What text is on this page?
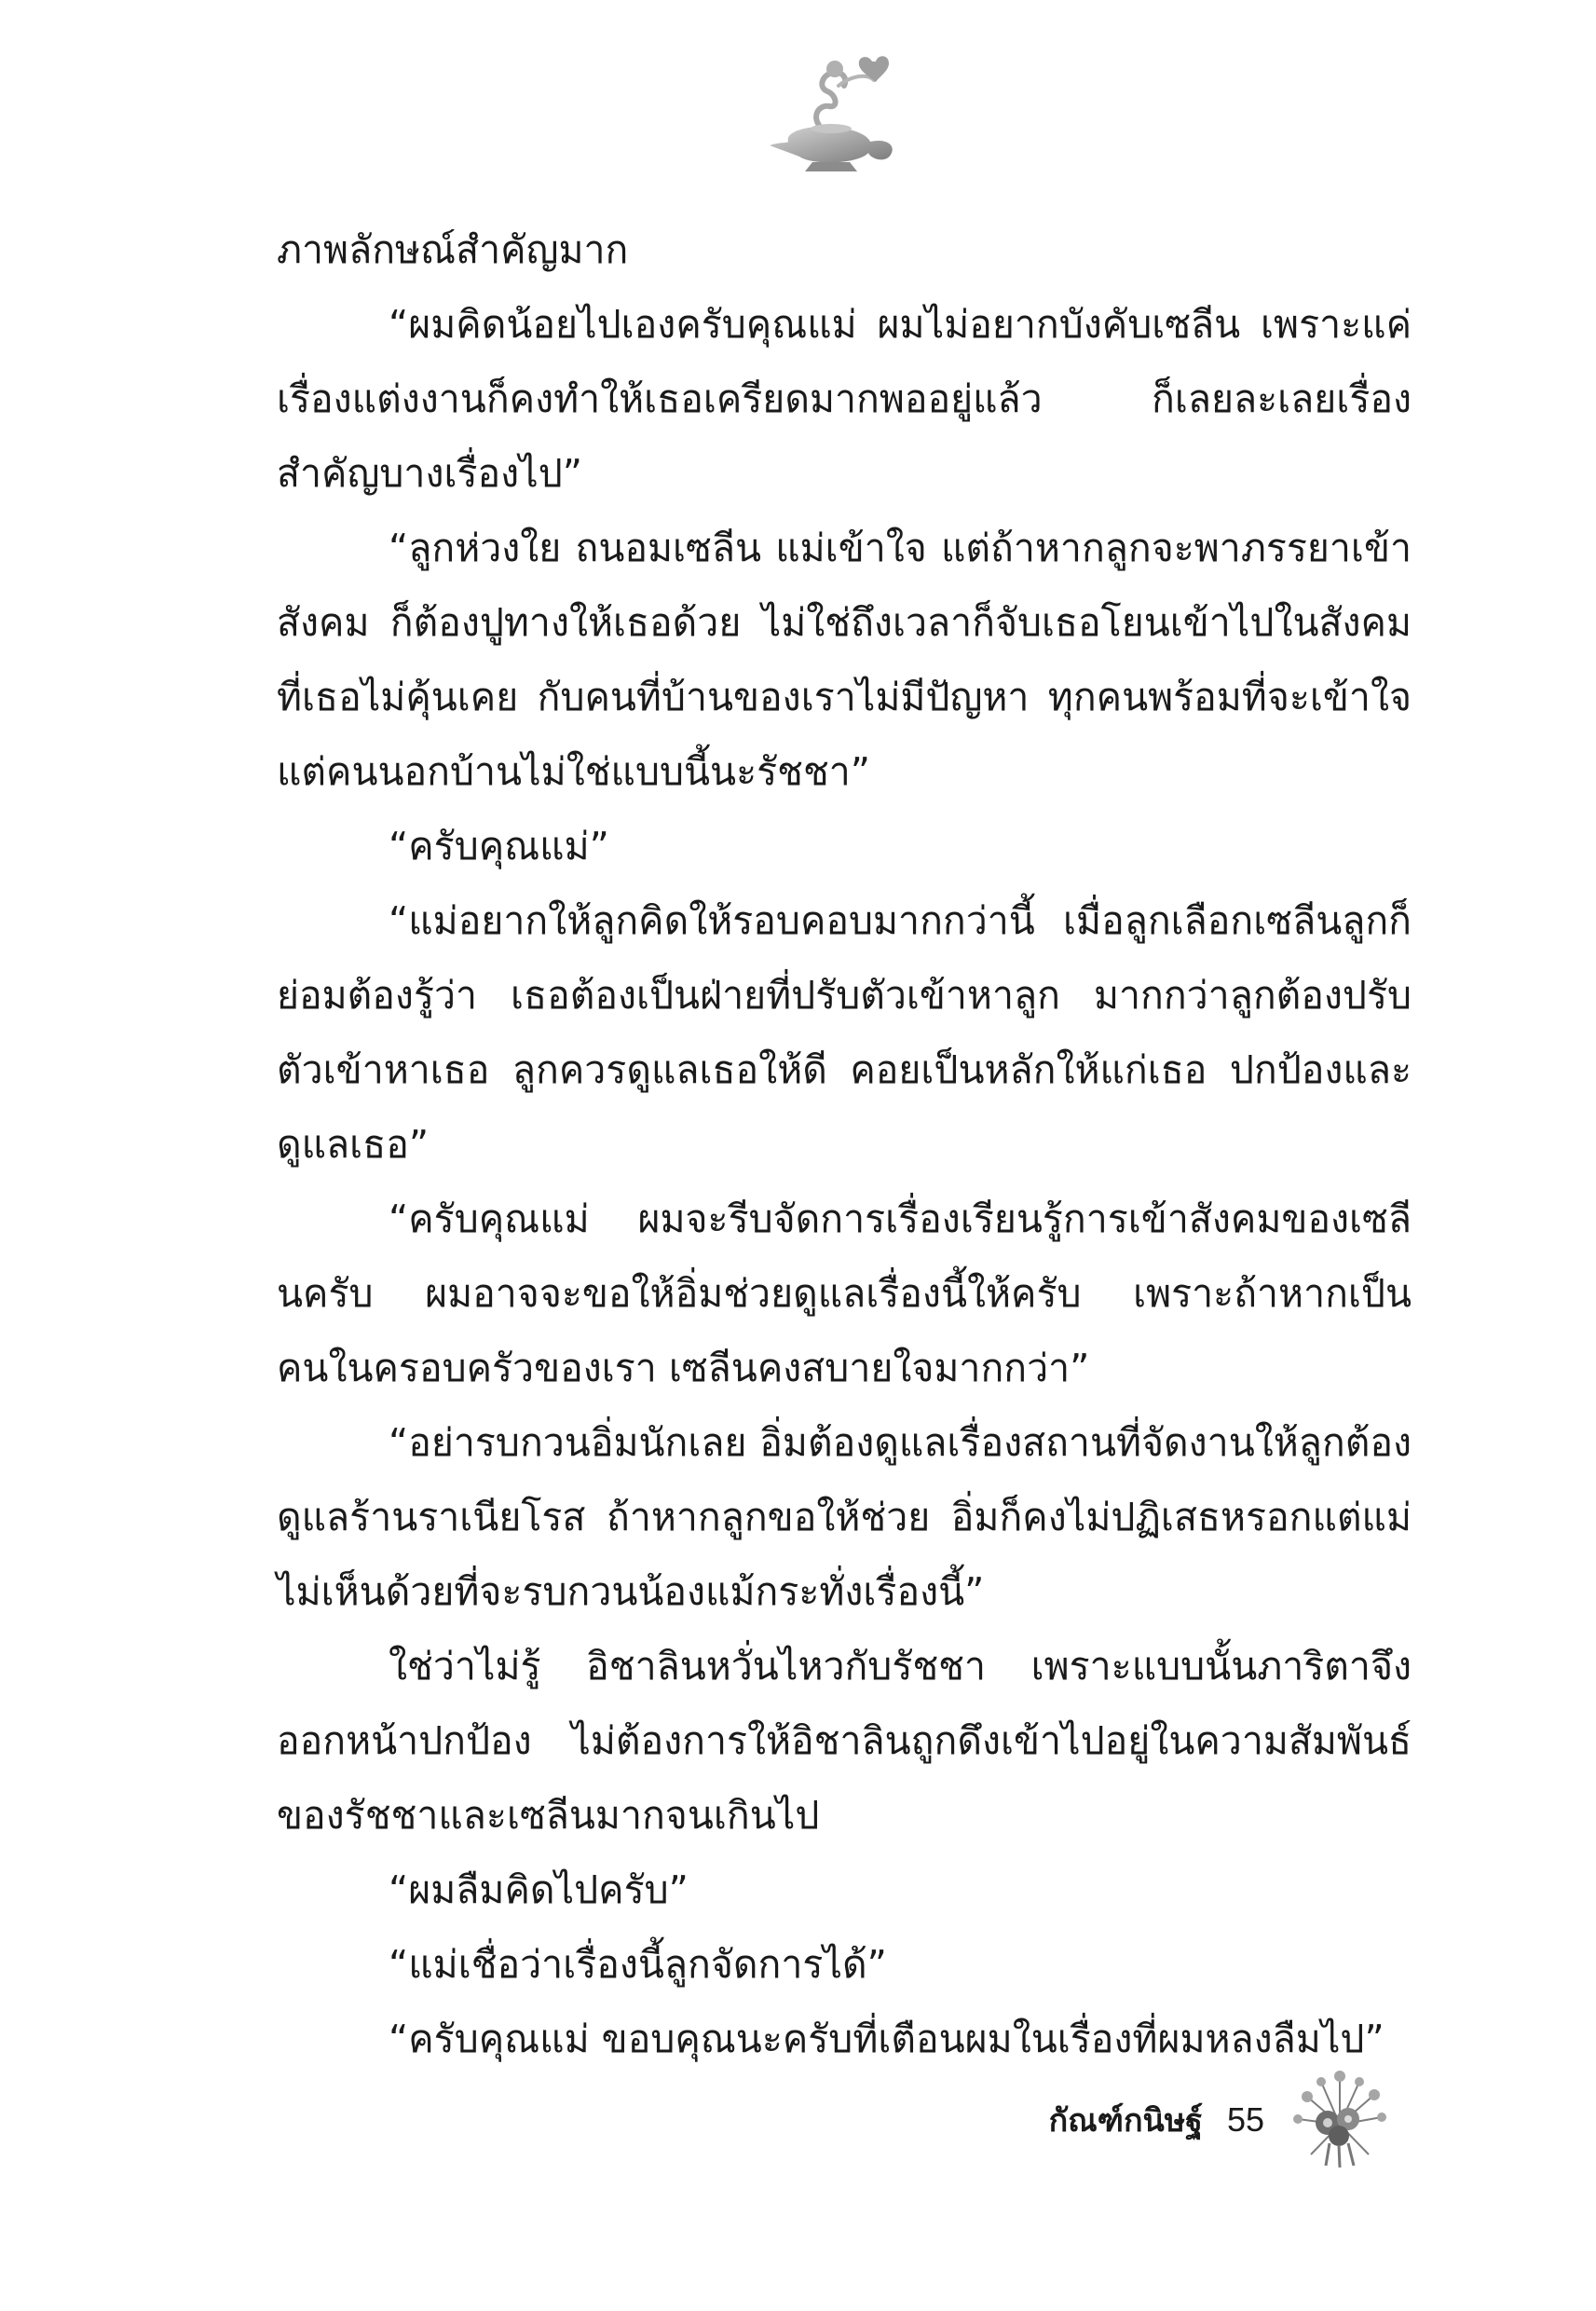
ภาพลักษณ์สำคัญมาก

“ผมคิดน้อยไปเองครับคุณแม่ ผมไม่อยากบังคับเซลีน เพราะแค่เรื่องแต่งงานก็คงทำให้เธอเครียดมากพออยู่แล้ว ก็เลยละเลยเรื่องสำคัญบางเรื่องไป”

“ลูกห่วงใย ถนอมเซลีน แม่เข้าใจ แต่ถ้าหากลูกจะพาภรรยาเข้าสังคม ก็ต้องปูทางให้เธอด้วย ไม่ใช่ถึงเวลาก็จับเธอโยนเข้าไปในสังคมที่เธอไม่คุ้นเคย กับคนที่บ้านของเราไม่มีปัญหา ทุกคนพร้อมที่จะเข้าใจ แต่คนนอกบ้านไม่ใช่แบบนี้นะรัชชา”

“ครับคุณแม่”

“แม่อยากให้ลูกคิดให้รอบคอบมากกว่านี้ เมื่อลูกเลือกเซลีนลูกก็ย่อมต้องรู้ว่า เธอต้องเป็นฝ่ายที่ปรับตัวเข้าหาลูก มากกว่าลูกต้องปรับตัวเข้าหาเธอ ลูกควรดูแลเธอให้ดี คอยเป็นหลักให้แก่เธอ ปกป้องและดูแลเธอ”

“ครับคุณแม่ ผมจะรีบจัดการเรื่องเรียนรู้การเข้าสังคมของเซลีนครับ ผมอาจจะขอให้อิ่มช่วยดูแลเรื่องนี้ให้ครับ เพราะถ้าหากเป็นคนในครอบครัวของเรา เซลีนคงสบายใจมากกว่า”

“อย่ารบกวนอิ่มนักเลย อิ่มต้องดูแลเรื่องสถานที่จัดงานให้ลูกต้องดูแลร้านราเนียโรส ถ้าหากลูกขอให้ช่วย อิ่มก็คงไม่ปฏิเสธหรอกแต่แม่ไม่เห็นด้วยที่จะรบกวนน้องแม้กระทั่งเรื่องนี้”

ใช่ว่าไม่รู้ อิชาลินหวั่นไหวกับรัชชา เพราะแบบนั้นภาริตาจึงออกหน้าปกป้อง ไม่ต้องการให้อิชาลินถูกดึงเข้าไปอยู่ในความสัมพันธ์ของรัชชาและเซลีนมากจนเกินไป

“ผมลืมคิดไปครับ”

“แม่เชื่อว่าเรื่องนี้ลูกจัดการได้”

“ครับคุณแม่ ขอบคุณนะครับที่เตือนผมในเรื่องที่ผมหลงลืมไป”

กัณฑ์กนิษฐ์ 55
